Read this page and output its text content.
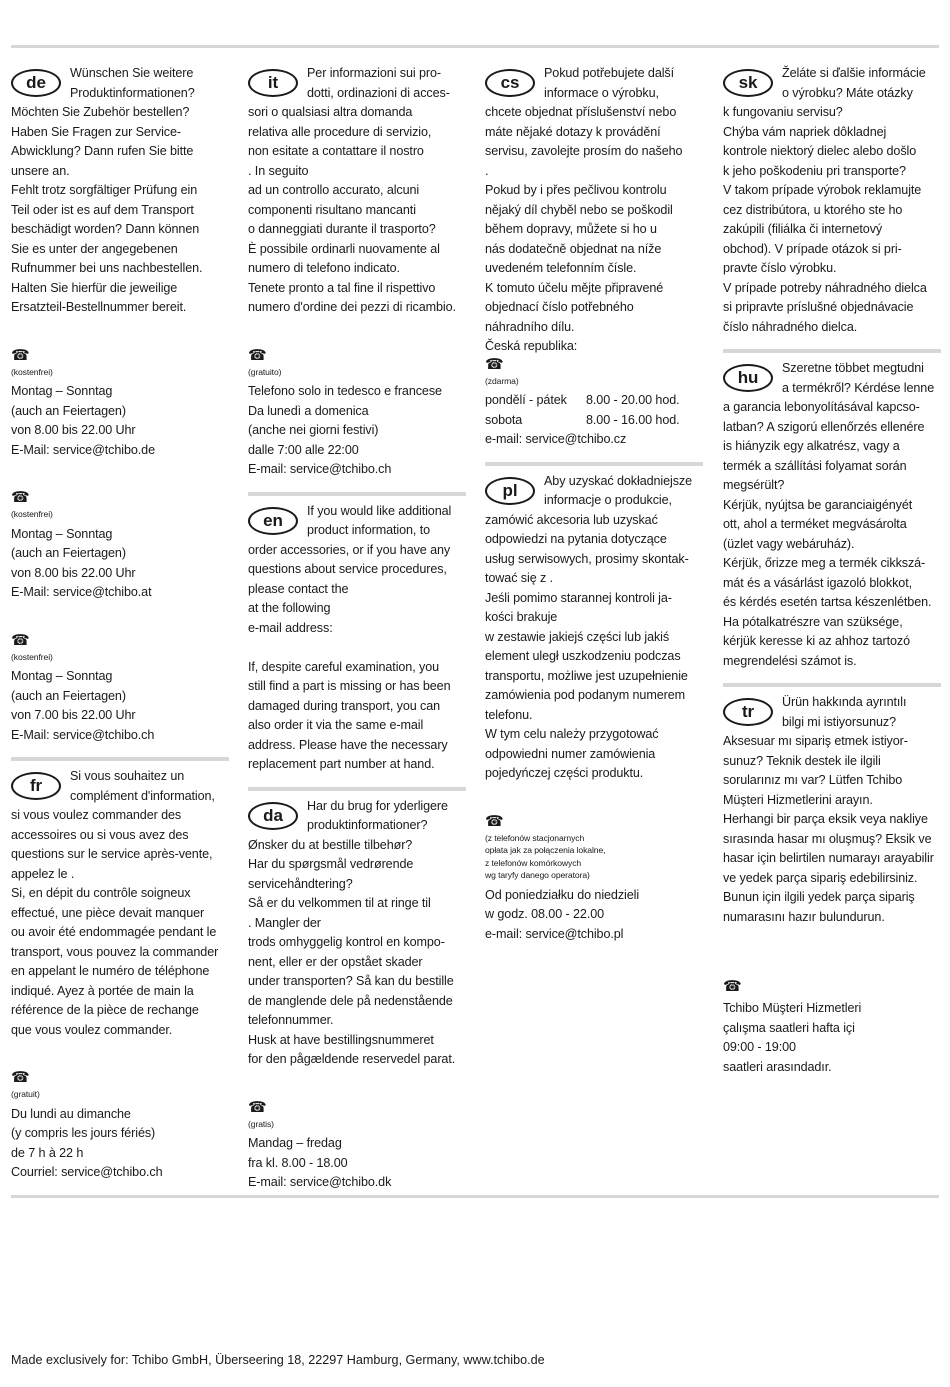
de	Wünschen Sie weitere
Produktinformationen?
Möchten Sie Zubehör bestellen?
Haben Sie Fragen zur Service-
Abwicklung? Dann rufen Sie bitte
unsere an.
Fehlt trotz sorgfältiger Prüfung ein
Teil oder ist es auf dem Transport
beschädigt worden? Dann können
Sie es unter der angegebenen
Rufnummer bei uns nachbestellen.
Halten Sie hierfür die jeweilige
Ersatzteil-Bestellnummer bereit.
☎
(kostenfrei)
Montag – Sonntag
(auch an Feiertagen)
von 8.00 bis 22.00 Uhr
E-Mail: service@tchibo.de
☎
(kostenfrei)
Montag – Sonntag
(auch an Feiertagen)
von 8.00 bis 22.00 Uhr
E-Mail: service@tchibo.at
☎
(kostenfrei)
Montag – Sonntag
(auch an Feiertagen)
von 7.00 bis 22.00 Uhr
E-Mail: service@tchibo.ch
fr	Si vous souhaitez un
complément d'information,
si vous voulez commander des
accessoires ou si vous avez des
questions sur le service après-vente,
appelez le .
Si, en dépit du contrôle soigneux
effectué, une pièce devait manquer
ou avoir été endommagée pendant le
transport, vous pouvez la commander
en appelant le numéro de téléphone
indiqué. Ayez à portée de main la
référence de la pièce de rechange
que vous voulez commander.
☎
(gratuit)
Du lundi au dimanche
(y compris les jours fériés)
de 7 h à 22 h
Courriel: service@tchibo.ch
it	Per informazioni sui pro-
dotti, ordinazioni di acces-
sori o qualsiasi altra domanda
relativa alle procedure di servizio,
non esitate a contattare il nostro
. In seguito
ad un controllo accurato, alcuni
componenti risultano mancanti
o danneggiati durante il trasporto?
È possibile ordinarli nuovamente al
numero di telefono indicato.
Tenete pronto a tal fine il rispettivo
numero d'ordine dei pezzi di ricambio.
☎
(gratuito)
Telefono solo in tedesco e francese
Da lunedì a domenica
(anche nei giorni festivi)
dalle 7:00 alle 22:00
E-mail: service@tchibo.ch
en	If you would like additional
product information, to
order accessories, or if you have any
questions about service procedures,
please contact the
at the following
e-mail address:

If, despite careful examination, you
still find a part is missing or has been
damaged during transport, you can
also order it via the same e-mail
address. Please have the necessary
replacement part number at hand.
da	Har du brug for yderligere
produktinformationer?
Ønsker du at bestille tilbehør?
Har du spørgsmål vedrørende
servicehåndtering?
Så er du velkommen til at ringe til
. Mangler der
trods omhyggelig kontrol en kompo-
nent, eller er der opstået skader
under transporten? Så kan du bestille
de manglende dele på nedenstående
telefonnummer.
Husk at have bestillingsnummeret
for den pågældende reservedel parat.
☎
(gratis)
Mandag – fredag
fra kl. 8.00 - 18.00
E-mail: service@tchibo.dk
cs	Pokud potřebujete další
informace o výrobku,
chcete objednat příslušenství nebo
máte nějaké dotazy k provádění
servisu, zavolejte prosím do našeho
.
Pokud by i přes pečlivou kontrolu
nějaký díl chyběl nebo se poškodil
během dopravy, můžete si ho u
nás dodatečně objednat na níže
uvedeném telefonním čísle.
K tomuto účelu mějte připravené
objednací číslo potřebného
náhradního dílu.
Česká republika:
☎
(zdarma)
pondělí - pátek	8.00 - 20.00 hod.
sobota	8.00 - 16.00 hod.
e-mail: service@tchibo.cz
pl	Aby uzyskać dokładniejsze
informacje o produkcie,
zamówić akcesoria lub uzyskać
odpowiedzi na pytania dotyczące
usług serwisowych, prosimy skontak-
tować się z .
Jeśli pomimo starannej kontroli ja-
kości brakuje
w zestawie jakiejś części lub jakiś
element uległ uszkodzeniu podczas
transportu, możliwe jest uzupełnienie
zamówienia pod podanym numerem
telefonu.
W tym celu należy przygotować
odpowiedni numer zamówienia
pojedyńczej części produktu.
☎
(z telefonów stacjonarnych
opłata jak za połączenia lokalne,
z telefonów komórkowych
wg taryfy danego operatora)
Od poniedziałku do niedzieli
w godz. 08.00 - 22.00
e-mail: service@tchibo.pl
sk	Želáte si ďalšie informácie
o výrobku? Máte otázky
k fungovaniu servisu?
Chýba vám napriek dôkladnej
kontrole niektorý dielec alebo došlo
k jeho poškodeniu pri transporte?
V takom prípade výrobok reklamujte
cez distribútora, u ktorého ste ho
zakúpili (filiálka či internetový
obchod). V prípade otázok si pri-
pravte číslo výrobku.
V prípade potreby náhradného dielca
si pripravte príslušné objednávacie
číslo náhradného dielca.
hu	Szeretne többet megtudni
a termékről? Kérdése lenne
a garancia lebonyolításával kapcso-
latban? A szigorú ellenőrzés ellenére
is hiányzik egy alkatrész, vagy a
termék a szállítási folyamat során
megsérült?
Kérjük, nyújtsa be garanciaigényét
ott, ahol a terméket megvásárolta
(üzlet vagy webáruház).
Kérjük, őrizze meg a termék cikkszá-
mát és a vásárlást igazoló blokkot,
és kérdés esetén tartsa készenlétben.
Ha pótalkatrészre van szüksége,
kérjük keresse ki az ahhoz tartozó
megrendelési számot is.
tr	Ürün hakkında ayrıntılı
bilgi mi istiyorsunuz?
Aksesuar mı sipariş etmek istiyor-
sunuz? Teknik destek ile ilgili
sorularınız mı var? Lütfen Tchibo
Müşteri Hizmetlerini arayın.
Herhangi bir parça eksik veya nakliye
sırasında hasar mı oluşmuş? Eksik ve
hasar için belirtilen numarayı arayabilir
ve yedek parça sipariş edebilirsiniz.
Bunun için ilgili yedek parça sipariş
numarasını hazır bulundurun.
☎
Tchibo Müşteri Hizmetleri
çalışma saatleri hafta içi
09:00 - 19:00
saatleri arasındadır.
Made exclusively for: Tchibo GmbH, Überseering 18, 22297 Hamburg, Germany, www.tchibo.de
